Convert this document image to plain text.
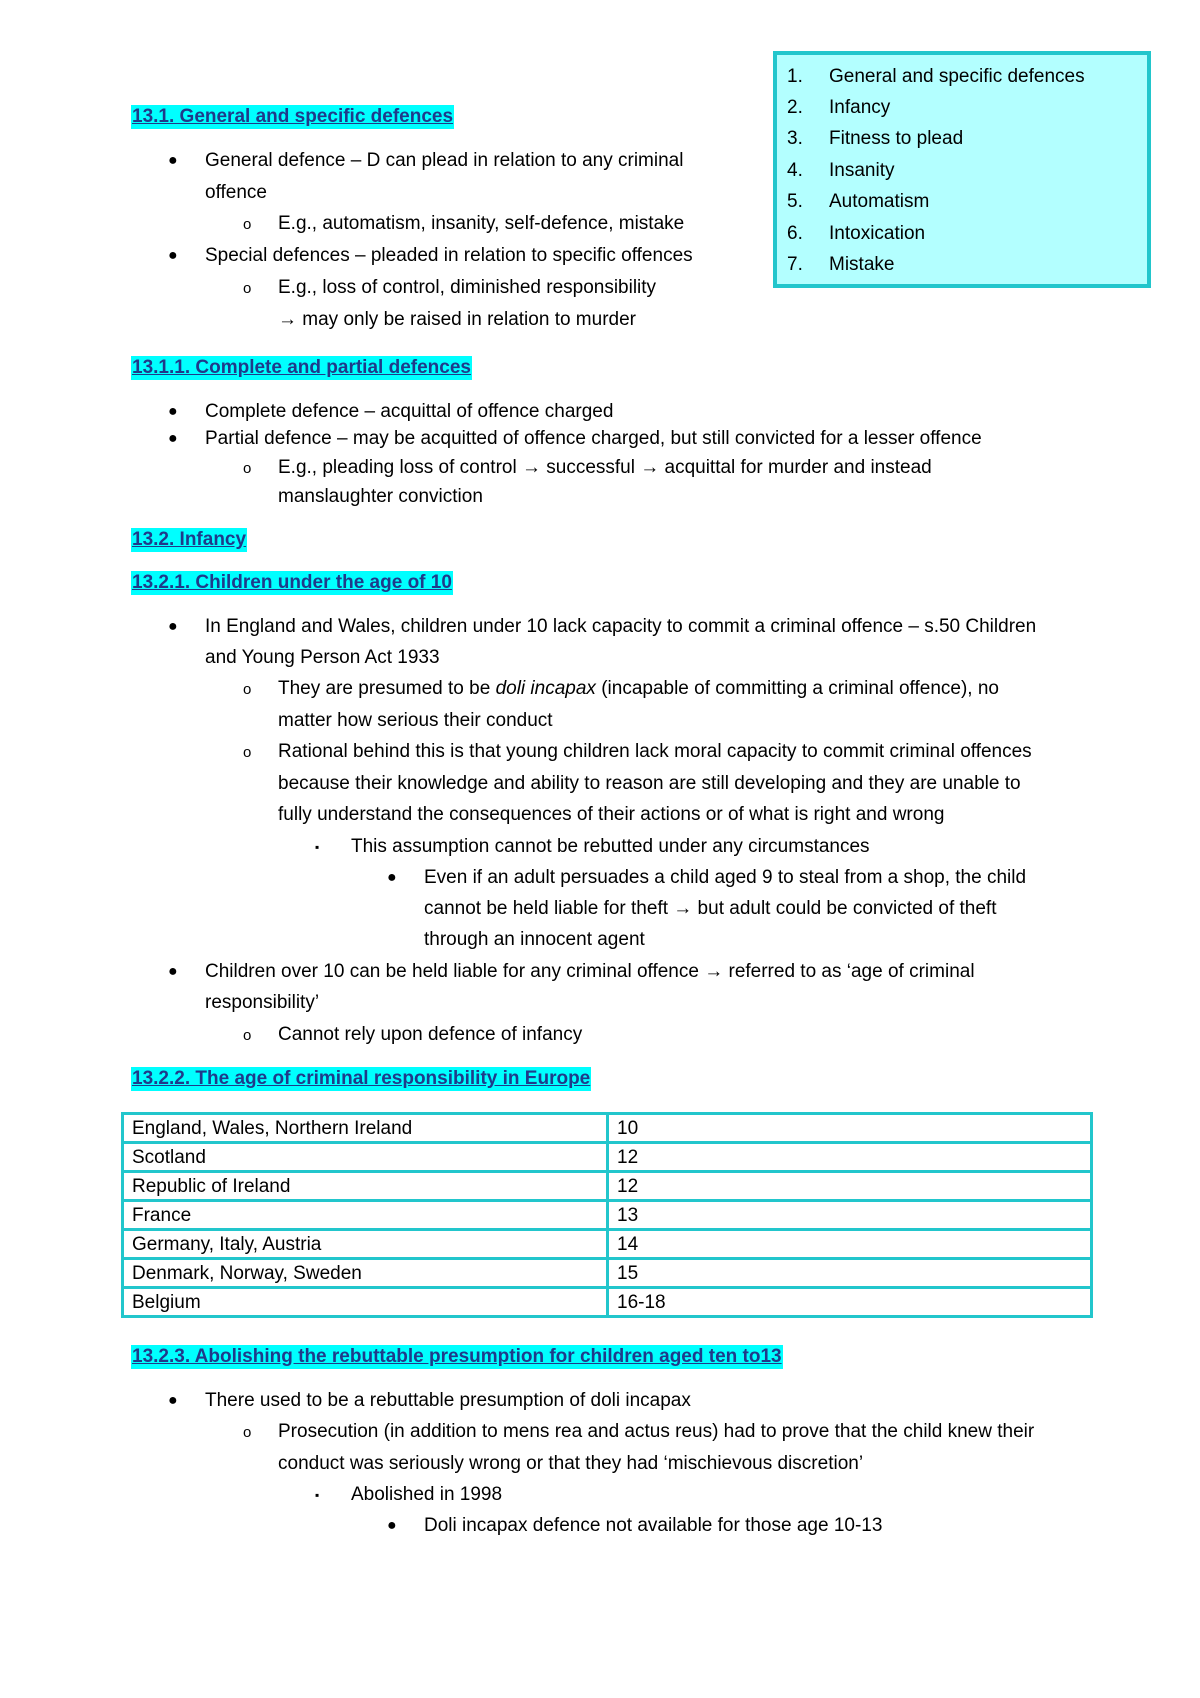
1. General and specific defences
2. Infancy
3. Fitness to plead
4. Insanity
5. Automatism
6. Intoxication
7. Mistake
13.1. General and specific defences
● General defence – D can plead in relation to any criminal
offence
o E.g., automatism, insanity, self-defence, mistake
● Special defences – pleaded in relation to specific offences
o E.g., loss of control, diminished responsibility
→ may only be raised in relation to murder
13.1.1. Complete and partial defences
● Complete defence – acquittal of offence charged
● Partial defence – may be acquitted of offence charged, but still convicted for a lesser offence
o E.g., pleading loss of control → successful → acquittal for murder and instead
manslaughter conviction
13.2. Infancy
13.2.1. Children under the age of 10
● In England and Wales, children under 10 lack capacity to commit a criminal offence – s.50 Children
and Young Person Act 1933
o They are presumed to be doli incapax (incapable of committing a criminal offence), no
matter how serious their conduct
o Rational behind this is that young children lack moral capacity to commit criminal offences
because their knowledge and ability to reason are still developing and they are unable to
fully understand the consequences of their actions or of what is right and wrong
▪ This assumption cannot be rebutted under any circumstances
● Even if an adult persuades a child aged 9 to steal from a shop, the child
cannot be held liable for theft → but adult could be convicted of theft
through an innocent agent
● Children over 10 can be held liable for any criminal offence → referred to as ‘age of criminal
responsibility’
o Cannot rely upon defence of infancy
13.2.2. The age of criminal responsibility in Europe
England, Wales, Northern Ireland	10
Scotland	12
Republic of Ireland	12
France	13
Germany, Italy, Austria	14
Denmark, Norway, Sweden	15
Belgium	16-18
13.2.3. Abolishing the rebuttable presumption for children aged ten to13
● There used to be a rebuttable presumption of doli incapax
o Prosecution (in addition to mens rea and actus reus) had to prove that the child knew their
conduct was seriously wrong or that they had ‘mischievous discretion’
▪ Abolished in 1998
● Doli incapax defence not available for those age 10-13
